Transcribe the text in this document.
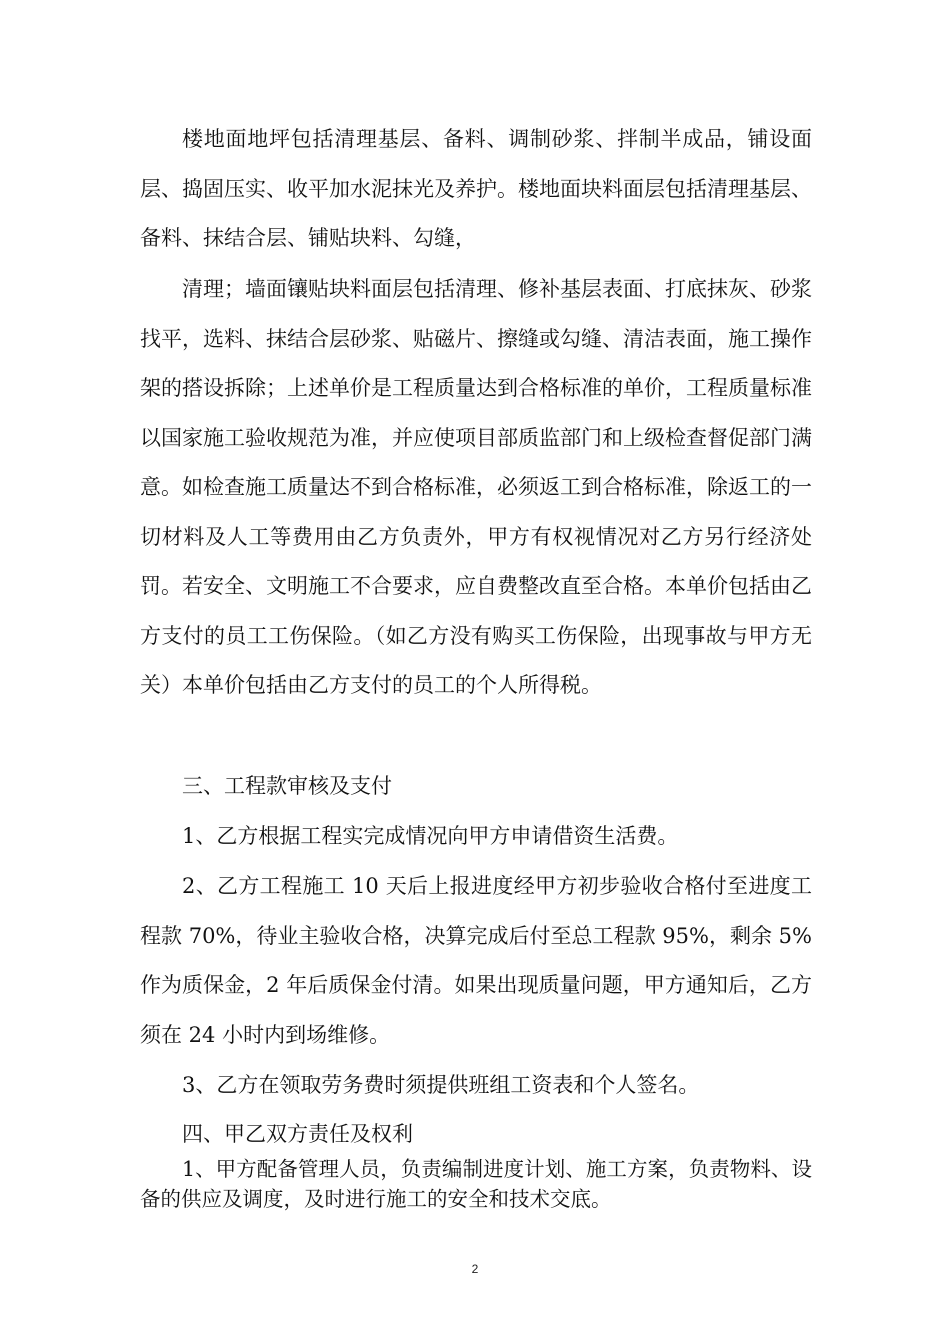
楼地面地坪包括清理基层、备料、调制砂浆、拌制半成品，铺设面层、捣固压实、收平加水泥抹光及养护。楼地面块料面层包括清理基层、备料、抹结合层、铺贴块料、勾缝，

清理；墙面镶贴块料面层包括清理、修补基层表面、打底抹灰、砂浆找平，选料、抹结合层砂浆、贴磁片、擦缝或勾缝、清洁表面，施工操作架的搭设拆除；上述单价是工程质量达到合格标准的单价，工程质量标准以国家施工验收规范为准，并应使项目部质监部门和上级检查督促部门满意。如检查施工质量达不到合格标准，必须返工到合格标准，除返工的一切材料及人工等费用由乙方负责外，甲方有权视情况对乙方另行经济处罚。若安全、文明施工不合要求，应自费整改直至合格。本单价包括由乙方支付的员工工伤保险。（如乙方没有购买工伤保险，出现事故与甲方无关）本单价包括由乙方支付的员工的个人所得税。

三、工程款审核及支付

1、乙方根据工程实完成情况向甲方申请借资生活费。

2、乙方工程施工 10 天后上报进度经甲方初步验收合格付至进度工程款 70%，待业主验收合格，决算完成后付至总工程款 95%，剩余 5%作为质保金，2 年后质保金付清。如果出现质量问题，甲方通知后，乙方须在 24 小时内到场维修。

3、乙方在领取劳务费时须提供班组工资表和个人签名。

四、甲乙双方责任及权利

1、甲方配备管理人员，负责编制进度计划、施工方案，负责物料、设备的供应及调度，及时进行施工的安全和技术交底。

2
